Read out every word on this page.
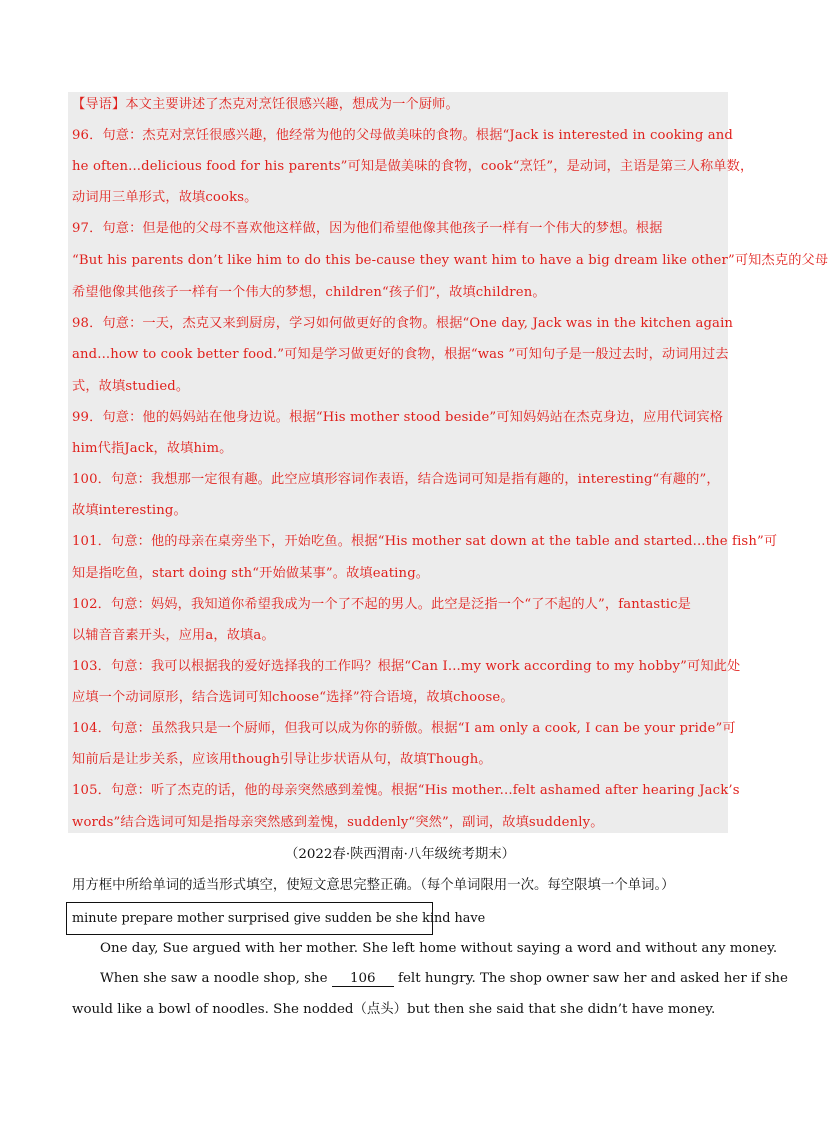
【导语】本文主要讲述了杰克对烹饪很感兴趣，想成为一个厨师。
96．句意：杰克对烹饪很感兴趣，他经常为他的父母做美味的食物。根据“Jack is interested in cooking and
he often...delicious food for his parents”可知是做美味的食物，cook“烹饪”，是动词，主语是第三人称单数，
动词用三单形式，故填cooks。
97．句意：但是他的父母不喜欢他这样做，因为他们希望他像其他孩子一样有一个伟大的梦想。根据
“But his parents don’t like him to do this be-cause they want him to have a big dream like other”可知杰克的父母
希望他像其他孩子一样有一个伟大的梦想，children“孩子们”，故填children。
98．句意：一天，杰克又来到厨房，学习如何做更好的食物。根据“One day, Jack was in the kitchen again
and...how to cook better food.”可知是学习做更好的食物，根据“was ”可知句子是一般过去时，动词用过去
式，故填studied。
99．句意：他的妈妈站在他身边说。根据“His mother stood beside”可知妈妈站在杰克身边，应用代词宾格
him代指Jack，故填him。
100．句意：我想那一定很有趣。此空应填形容词作表语，结合选词可知是指有趣的，interesting“有趣的”，
故填interesting。
101．句意：他的母亲在桌旁坐下，开始吃鱼。根据“His mother sat down at the table and started...the fish”可
知是指吃鱼，start doing sth“开始做某事”。故填eating。
102．句意：妈妈，我知道你希望我成为一个了不起的男人。此空是泛指一个“了不起的人”，fantastic是
以辅音音素开头，应用a，故填a。
103．句意：我可以根据我的爱好选择我的工作吗？根据“Can I...my work according to my hobby”可知此处
应填一个动词原形，结合选词可知choose“选择”符合语境，故填choose。
104．句意：虽然我只是一个厨师，但我可以成为你的骄傲。根据“I am only a cook, I can be your pride”可
知前后是让步关系，应该用though引导让步状语从句，故填Though。
105．句意：听了杰克的话，他的母亲突然感到羞愧。根据“His mother...felt ashamed after hearing Jack’s
words”结合选词可知是指母亲突然感到羞愧，suddenly“突然”，副词，故填suddenly。
（2022春·陕西渭南·八年级统考期末）
用方框中所给单词的适当形式填空，使短文意思完整正确。（每个单词限用一次。每空限填一个单词。）
minute prepare mother surprised give sudden be she kind have
One day, Sue argued with her mother. She left home without saying a word and without any money.
When she saw a noodle shop, she 106 felt hungry. The shop owner saw her and asked her if she
would like a bowl of noodles. She nodded（点头）but then she said that she didn’t have money.
